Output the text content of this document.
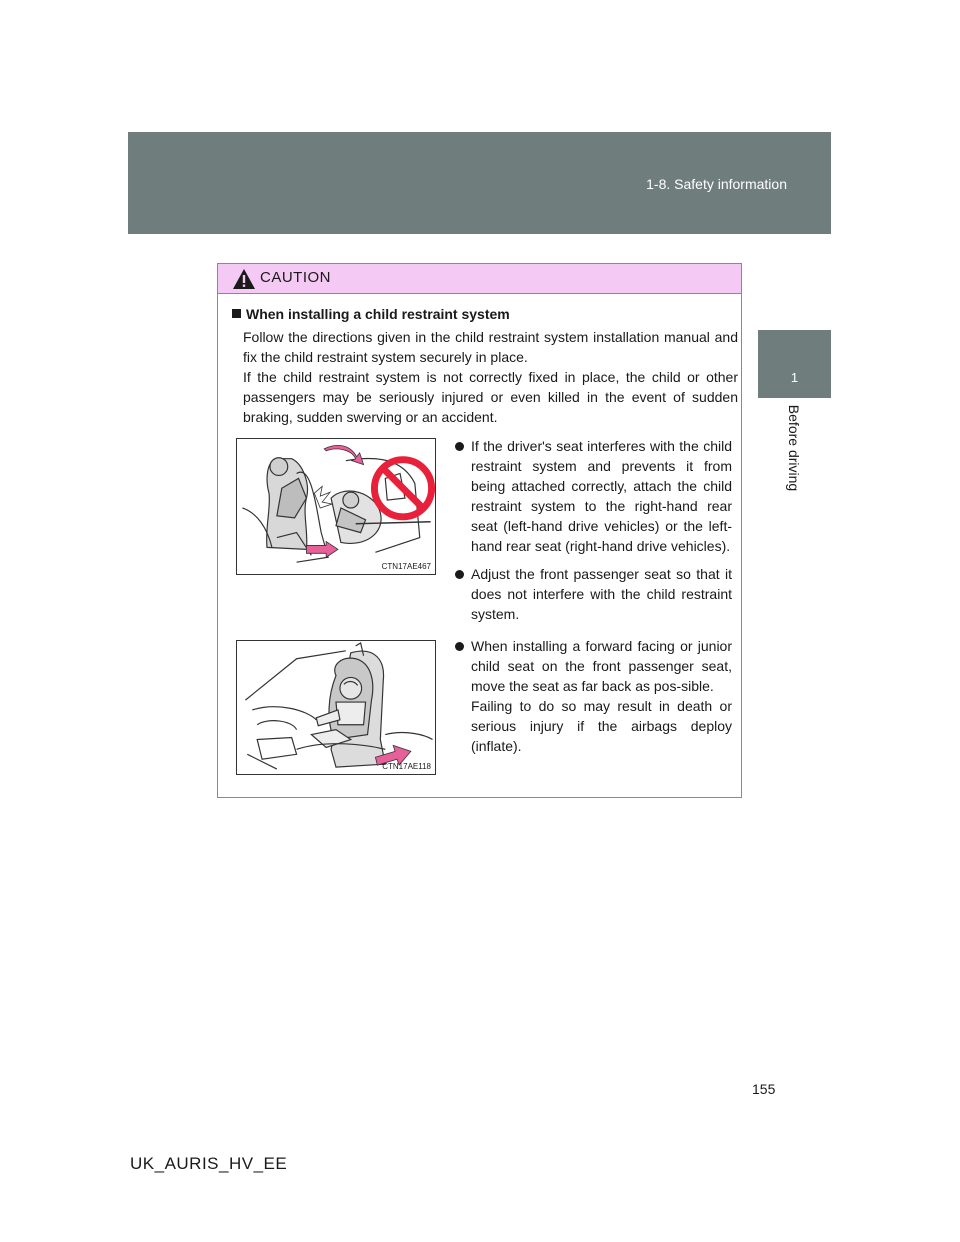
1-8. Safety information
1
Before driving
CAUTION
When installing a child restraint system

Follow the directions given in the child restraint system installation manual and fix the child restraint system securely in place.

If the child restraint system is not correctly fixed in place, the child or other passengers may be seriously injured or even killed in the event of sudden braking, sudden swerving or an accident.

CTN17AE467
If the driver's seat interferes with the child restraint system and prevents it from being attached correctly, attach the child restraint system to the right-hand rear seat (left-hand drive vehicles) or the left-hand rear seat (right-hand drive vehicles).
Adjust the front passenger seat so that it does not interfere with the child restraint system.
CTN17AE118
When installing a forward facing or junior child seat on the front passenger seat, move the seat as far back as pos-sible.
Failing to do so may result in death or serious injury if the airbags deploy (inflate).
155
UK_AURIS_HV_EE
